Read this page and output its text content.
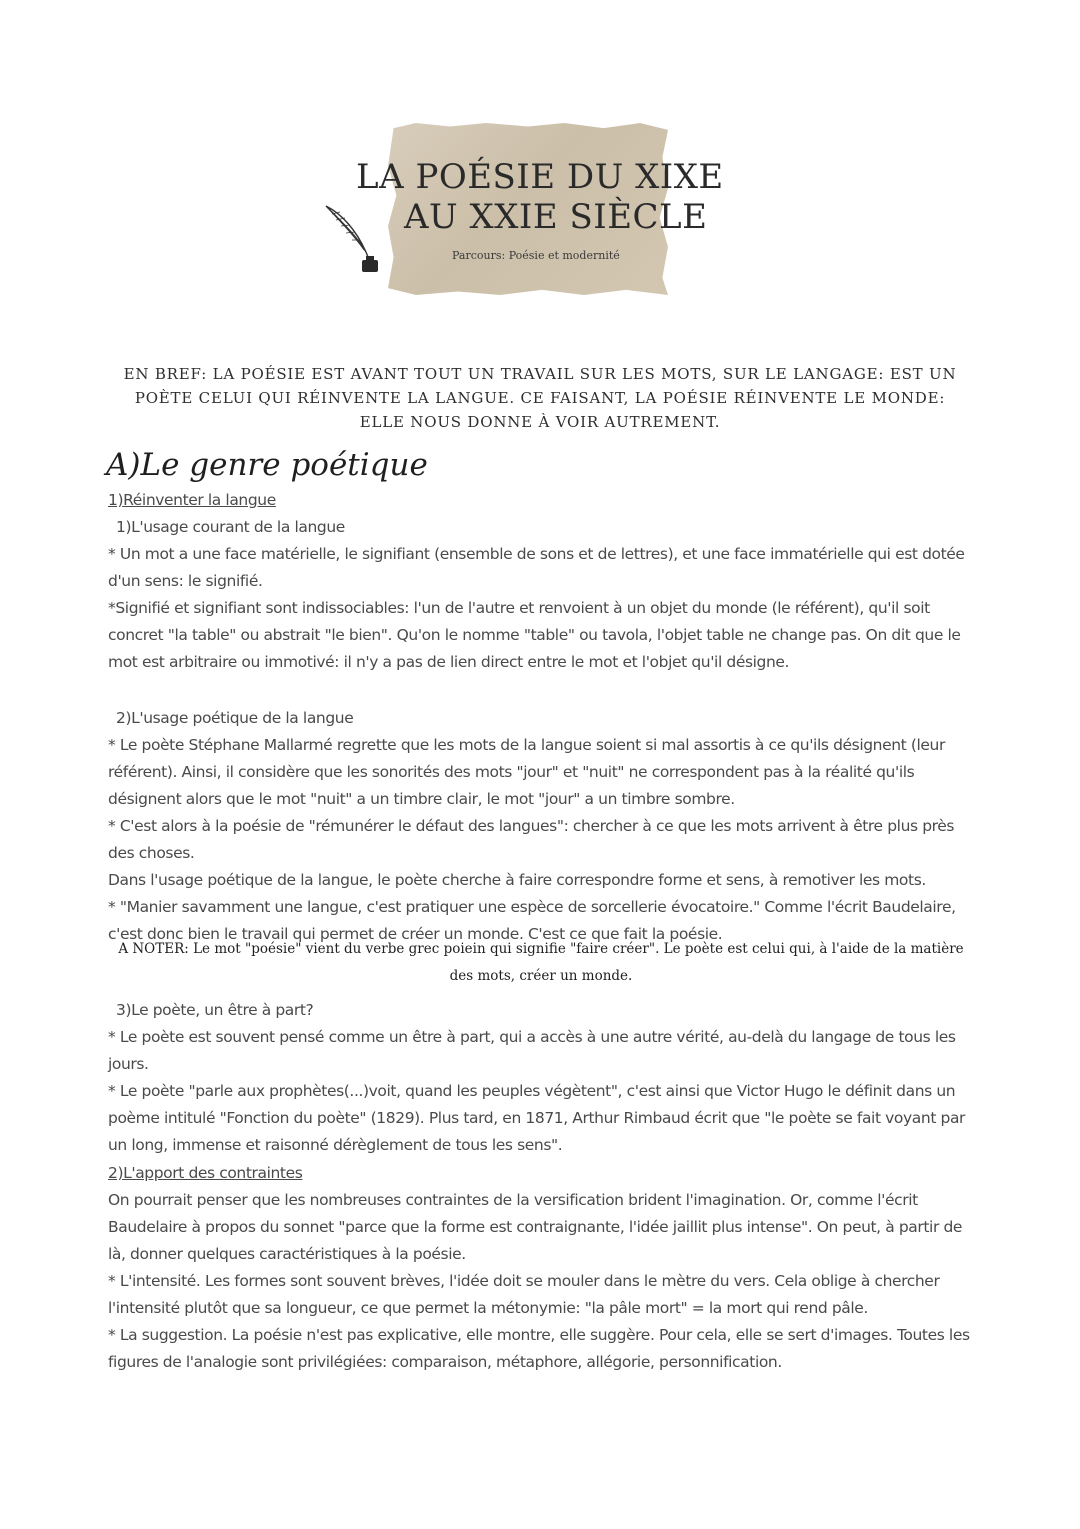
LA POÉSIE DU XIXE
AU XXIE SIÈCLE
Parcours: Poésie et modernité
EN BREF: LA POÉSIE EST AVANT TOUT UN TRAVAIL SUR LES MOTS, SUR LE LANGAGE: EST UN POÈTE CELUI QUI RÉINVENTE LA LANGUE. CE FAISANT, LA POÉSIE RÉINVENTE LE MONDE: ELLE NOUS DONNE À VOIR AUTREMENT.
A)Le genre poétique
1)Réinventer la langue
1)L'usage courant de la langue
* Un mot a une face matérielle, le signifiant (ensemble de sons et de lettres), et une face immatérielle qui est dotée d'un sens: le signifié.
*Signifié et signifiant sont indissociables: l'un de l'autre et renvoient à un objet du monde (le référent), qu'il soit concret "la table" ou abstrait "le bien". Qu'on le nomme "table" ou tavola, l'objet table ne change pas. On dit que le mot est arbitraire ou immotivé: il n'y a pas de lien direct entre le mot et l'objet qu'il désigne.
2)L'usage poétique de la langue
* Le poète Stéphane Mallarmé regrette que les mots de la langue soient si mal assortis à ce qu'ils désignent (leur référent). Ainsi, il considère que les sonorités des mots "jour" et "nuit" ne correspondent pas à la réalité qu'ils désignent alors que le mot "nuit" a un timbre clair, le mot "jour" a un timbre sombre.
* C'est alors à la poésie de "rémunérer le défaut des langues": chercher à ce que les mots arrivent à être plus près des choses.
Dans l'usage poétique de la langue, le poète cherche à faire correspondre forme et sens, à remotiver les mots.
* "Manier savamment une langue, c'est pratiquer une espèce de sorcellerie évocatoire." Comme l'écrit Baudelaire, c'est donc bien le travail qui permet de créer un monde. C'est ce que fait la poésie.
A NOTER: Le mot "poésie" vient du verbe grec poiein qui signifie "faire créer". Le poète est celui qui, à l'aide de la matière des mots, créer un monde.
3)Le poète, un être à part?
* Le poète est souvent pensé comme un être à part, qui a accès à une autre vérité, au-delà du langage de tous les jours.
* Le poète "parle aux prophètes(...)voit, quand les peuples végètent", c'est ainsi que Victor Hugo le définit dans un poème intitulé "Fonction du poète" (1829). Plus tard, en 1871, Arthur Rimbaud écrit que "le poète se fait voyant par un long, immense et raisonné dérèglement de tous les sens".
2)L'apport des contraintes
On pourrait penser que les nombreuses contraintes de la versification brident l'imagination. Or, comme l'écrit Baudelaire à propos du sonnet "parce que la forme est contraignante, l'idée jaillit plus intense". On peut, à partir de là, donner quelques caractéristiques à la poésie.
* L'intensité. Les formes sont souvent brèves, l'idée doit se mouler dans le mètre du vers. Cela oblige à chercher l'intensité plutôt que sa longueur, ce que permet la métonymie: "la pâle mort" = la mort qui rend pâle.
* La suggestion. La poésie n'est pas explicative, elle montre, elle suggère. Pour cela, elle se sert d'images. Toutes les figures de l'analogie sont privilégiées: comparaison, métaphore, allégorie, personnification.
